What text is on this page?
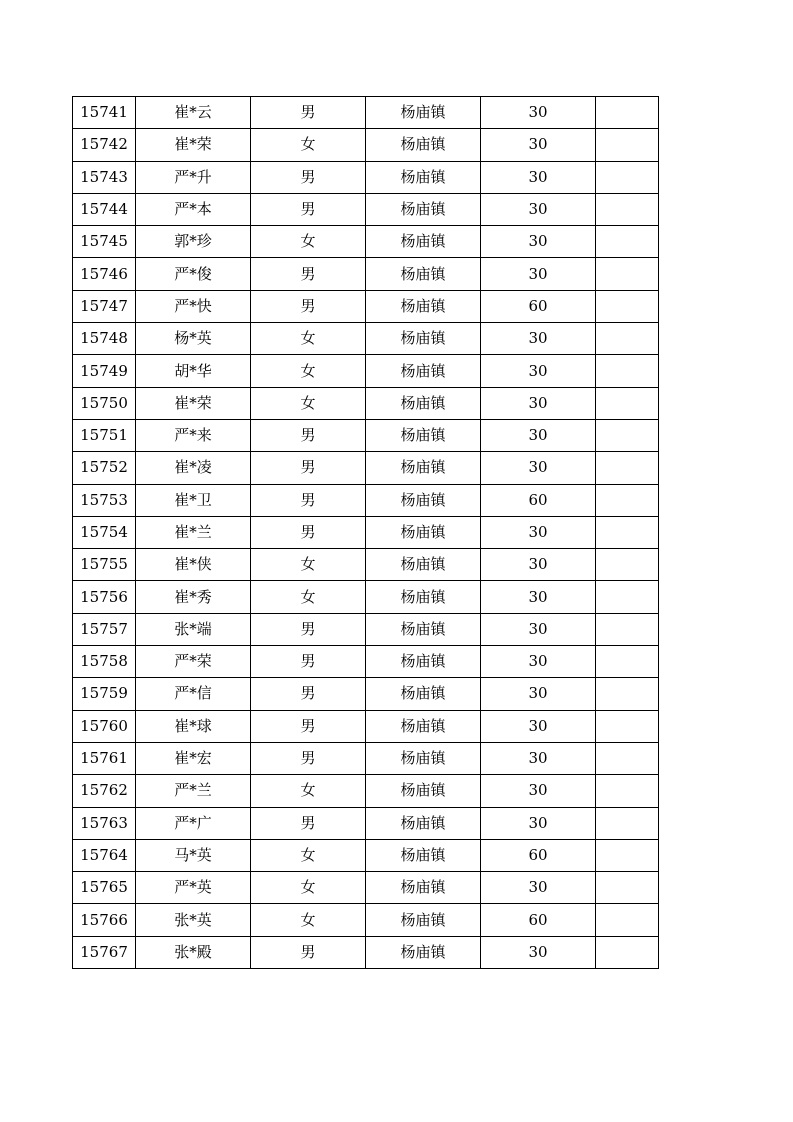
15741	崔*云	男	杨庙镇	30	
15742	崔*荣	女	杨庙镇	30	
15743	严*升	男	杨庙镇	30	
15744	严*本	男	杨庙镇	30	
15745	郭*珍	女	杨庙镇	30	
15746	严*俊	男	杨庙镇	30	
15747	严*快	男	杨庙镇	60	
15748	杨*英	女	杨庙镇	30	
15749	胡*华	女	杨庙镇	30	
15750	崔*荣	女	杨庙镇	30	
15751	严*来	男	杨庙镇	30	
15752	崔*凌	男	杨庙镇	30	
15753	崔*卫	男	杨庙镇	60	
15754	崔*兰	男	杨庙镇	30	
15755	崔*侠	女	杨庙镇	30	
15756	崔*秀	女	杨庙镇	30	
15757	张*端	男	杨庙镇	30	
15758	严*荣	男	杨庙镇	30	
15759	严*信	男	杨庙镇	30	
15760	崔*球	男	杨庙镇	30	
15761	崔*宏	男	杨庙镇	30	
15762	严*兰	女	杨庙镇	30	
15763	严*广	男	杨庙镇	30	
15764	马*英	女	杨庙镇	60	
15765	严*英	女	杨庙镇	30	
15766	张*英	女	杨庙镇	60	
15767	张*殿	男	杨庙镇	30	
